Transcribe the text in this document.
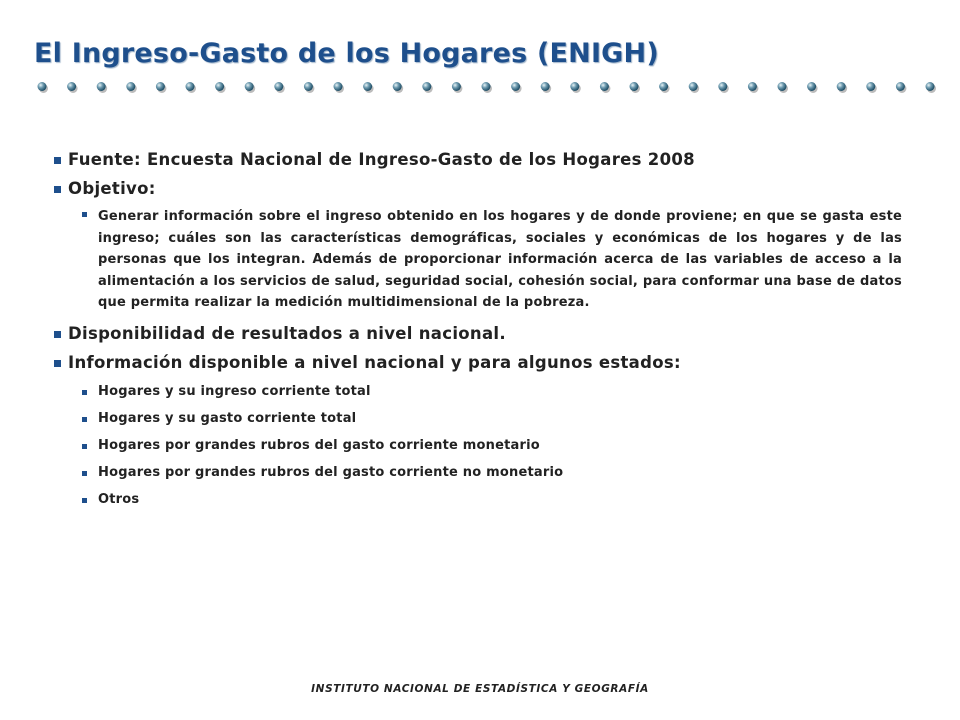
El Ingreso-Gasto de los Hogares (ENIGH)
Fuente: Encuesta Nacional de Ingreso-Gasto de los Hogares 2008
Objetivo:
Generar información sobre el ingreso obtenido en los hogares y de donde proviene; en que se gasta este ingreso; cuáles son las características demográficas, sociales y económicas de los hogares y de las personas que los integran. Además de proporcionar información acerca de las variables de acceso a la alimentación a los servicios de salud, seguridad social, cohesión social, para conformar una base de datos que permita realizar la medición multidimensional de la pobreza.
Disponibilidad de resultados a nivel nacional.
Información disponible a nivel nacional y para algunos estados:
Hogares y su ingreso corriente total
Hogares y su gasto corriente total
Hogares por grandes rubros del gasto corriente monetario
Hogares por grandes rubros del gasto corriente no monetario
Otros
INSTITUTO NACIONAL DE ESTADÍSTICA Y GEOGRAFÍA
